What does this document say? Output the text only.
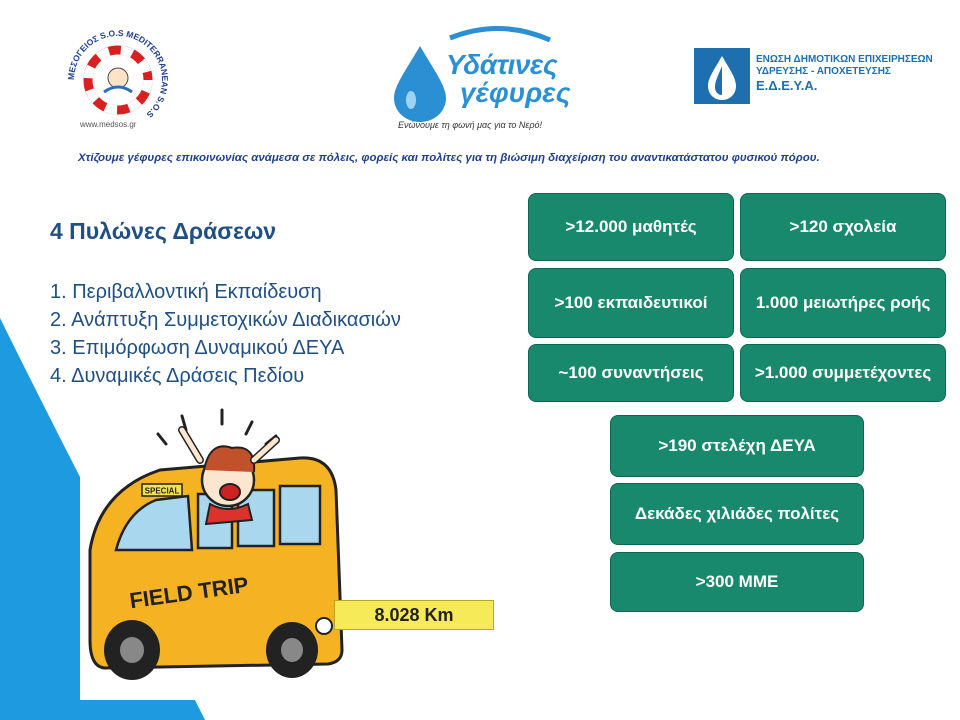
ΜΕΣΟΓΕΙΟΣ S.O.S MEDITERRANEAN S.O.S
www.medsos.gr
Υδάτινες
γέφυρες
Ενώνουμε τη φωνή μας για το Νερό!
ΕΝΩΣΗ ΔΗΜΟΤΙΚΩΝ ΕΠΙΧΕΙΡΗΣΕΩΝ
ΥΔΡΕΥΣΗΣ - ΑΠΟΧΕΤΕΥΣΗΣ
Ε.Δ.Ε.Υ.Α.
Χτίζουμε γέφυρες επικοινωνίας ανάμεσα σε πόλεις, φορείς και πολίτες για τη βιώσιμη διαχείριση του αναντικατάστατου φυσικού πόρου.
4 Πυλώνες Δράσεων
1. Περιβαλλοντική Εκπαίδευση
2. Ανάπτυξη Συμμετοχικών Διαδικασιών
3. Επιμόρφωση Δυναμικού ΔΕΥΑ
4. Δυναμικές Δράσεις Πεδίου
>12.000 μαθητές	>120 σχολεία
>100 εκπαιδευτικοί	1.000 μειωτήρες ροής
~100 συναντήσεις	>1.000 συμμετέχοντες
>190 στελέχη ΔΕΥΑ
Δεκάδες χιλιάδες πολίτες
>300 ΜΜΕ
SPECIAL
FIELD TRIP
8.028 Km
